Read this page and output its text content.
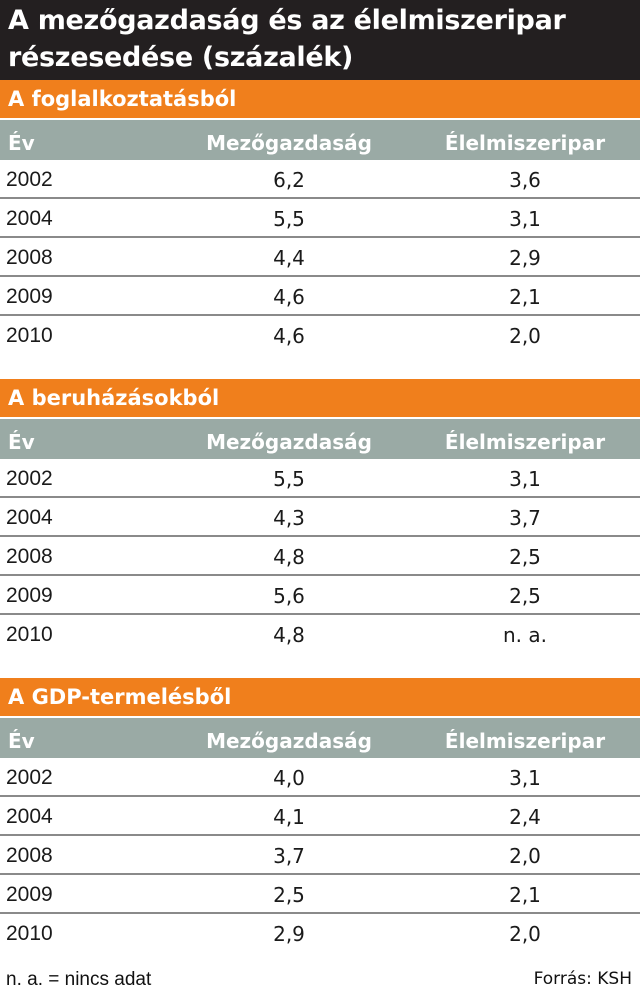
A mezőgazdaság és az élelmiszeripar
részesedése (százalék)
A foglalkoztatásból
Év	Mezőgazdaság	Élelmiszeripar
2002	6,2	3,6
2004	5,5	3,1
2008	4,4	2,9
2009	4,6	2,1
2010	4,6	2,0
A beruházásokból
Év	Mezőgazdaság	Élelmiszeripar
2002	5,5	3,1
2004	4,3	3,7
2008	4,8	2,5
2009	5,6	2,5
2010	4,8	n. a.
A GDP-termelésből
Év	Mezőgazdaság	Élelmiszeripar
2002	4,0	3,1
2004	4,1	2,4
2008	3,7	2,0
2009	2,5	2,1
2010	2,9	2,0
n. a. = nincs adat	Forrás: KSH
